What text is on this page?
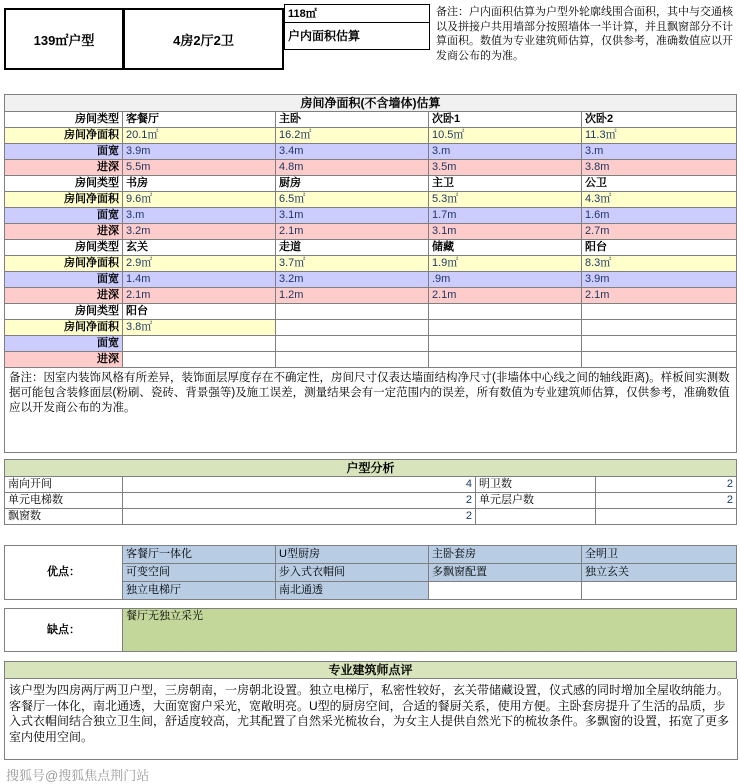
139㎡户型	4房2厅2卫
118㎡
户内面积估算
备注：户内面积估算为户型外轮廓线围合面积，其中与交通核以及拼接户共用墙部分按照墙体一半计算，并且飘窗部分不计算面积。数值为专业建筑师估算，仅供参考，准确数值应以开发商公布的为准。
房间净面积(不含墙体)估算				
房间类型	客餐厅	主卧	次卧1	次卧2
房间净面积	20.1㎡	16.2㎡	10.5㎡	11.3㎡
面宽	3.9m	3.4m	3.m	3.m
进深	5.5m	4.8m	3.5m	3.8m
房间类型	书房	厨房	主卫	公卫
房间净面积	9.6㎡	6.5㎡	5.3㎡	4.3㎡
面宽	3.m	3.1m	1.7m	1.6m
进深	3.2m	2.1m	3.1m	2.7m
房间类型	玄关	走道	储藏	阳台
房间净面积	2.9㎡	3.7㎡	1.9㎡	8.3㎡
面宽	1.4m	3.2m	.9m	3.9m
进深	2.1m	1.2m	2.1m	2.1m
房间类型	阳台			
房间净面积	3.8㎡			
面宽				
进深				
备注：因室内装饰风格有所差异，装饰面层厚度存在不确定性，房间尺寸仅表达墙面结构净尺寸(非墙体中心线之间的轴线距离)。样板间实测数据可能包含装修面层(粉刷、瓷砖、背景强等)及施工误差，测量结果会有一定范围内的误差，所有数值为专业建筑师估算，仅供参考，准确数值应以开发商公布的为准。				
户型分析			
南向开间	4	明卫数	2
单元电梯数	2	单元层户数	2
飘窗数	2		
优点：	客餐厅一体化	U型厨房	主卧套房	全明卫
	可变空间	步入式衣帽间	多飘窗配置	独立玄关
	独立电梯厅	南北通透		
缺点：	餐厅无独立采光
专业建筑师点评
该户型为四房两厅两卫户型，三房朝南，一房朝北设置。独立电梯厅，私密性较好，玄关带储藏设置，仪式感的同时增加全屋收纳能力。客餐厅一体化，南北通透，大面宽窗户采光，宽敞明亮。U型的厨房空间，合适的餐厨关系，使用方便。主卧套房提升了生活的品质，步入式衣帽间结合独立卫生间，舒适度较高，尤其配置了自然采光梳妆台，为女主人提供自然光下的梳妆条件。多飘窗的设置，拓宽了更多室内使用空间。
搜狐号@搜狐焦点荆门站
